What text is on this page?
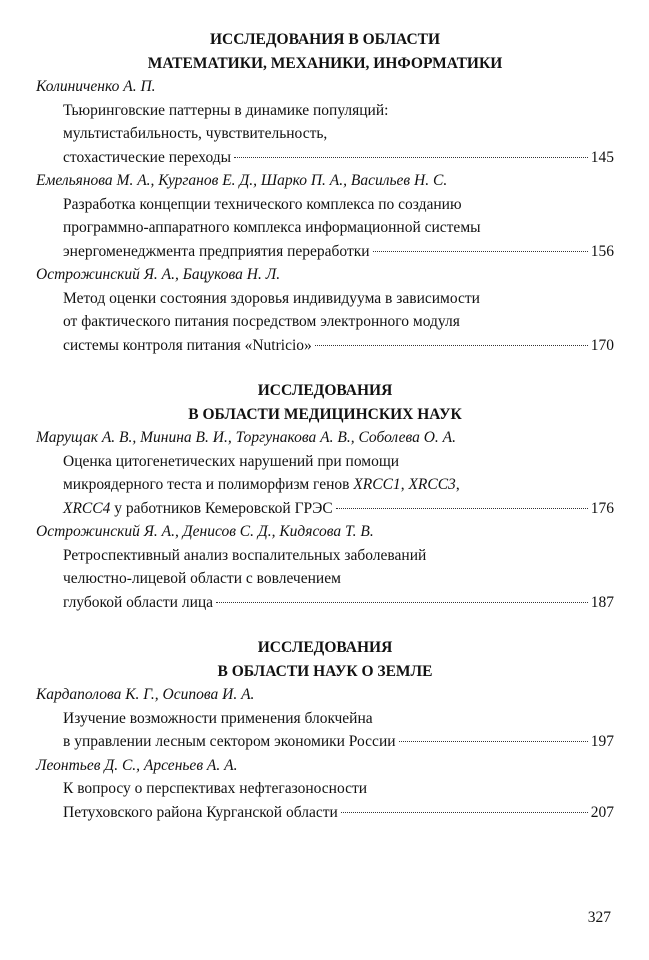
ИССЛЕДОВАНИЯ В ОБЛАСТИ

МАТЕМАТИКИ, МЕХАНИКИ, ИНФОРМАТИКИ

Колиниченко А. П.

Тьюринговские паттерны в динамике популяций:

мультистабильность, чувствительность,

стохастические переходы	145

Емельянова М. А., Курганов Е. Д., Шарко П. А., Васильев Н. С.

Разработка концепции технического комплекса по созданию

программно-аппаратного комплекса информационной системы

энергоменеджмента предприятия переработки	156

Острожинский Я. А., Бацукова Н. Л.

Метод оценки состояния здоровья индивидуума в зависимости

от фактического питания посредством электронного модуля

системы контроля питания «Nutricio»	170

ИССЛЕДОВАНИЯ

В ОБЛАСТИ МЕДИЦИНСКИХ НАУК

Марущак А. В., Минина В. И., Торгунакова А. В., Соболева О. А.

Оценка цитогенетических нарушений при помощи

микроядерного теста и полиморфизм генов XRCC1, XRCC3,

XRCC4 у работников Кемеровской ГРЭС	176

Острожинский Я. А., Денисов С. Д., Кидясова Т. В.

Ретроспективный анализ воспалительных заболеваний

челюстно-лицевой области с вовлечением

глубокой области лица	187

ИССЛЕДОВАНИЯ

В ОБЛАСТИ НАУК О ЗЕМЛЕ

Кардаполова К. Г., Осипова И. А.

Изучение возможности применения блокчейна

в управлении лесным сектором экономики России	197

Леонтьев Д. С., Арсеньев А. А.

К вопросу о перспективах нефтегазоносности

Петуховского района Курганской области	207
327
